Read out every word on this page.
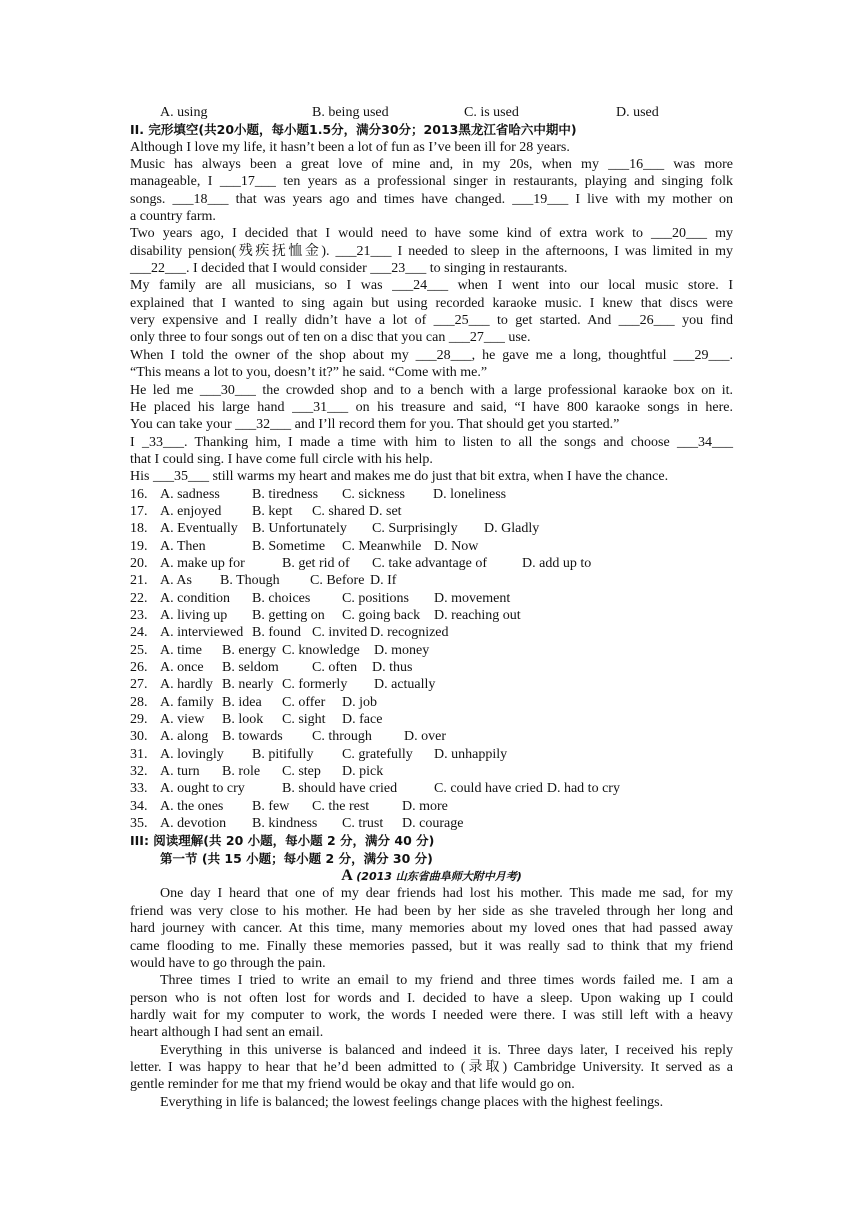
A. using	B. being used	C. is used	D. used
II. 完形填空(共20小题，每小题1.5分，满分30分；2013黑龙江省哈六中期中)
Although I love my life, it hasn’t been a lot of fun as I’ve been ill for 28 years.
Music has always been a great love of mine and, in my 20s, when my ___16___ was more
manageable, I ___17___ ten years as a professional singer in restaurants, playing and singing folk
songs. ___18___ that was years ago and times have changed. ___19___ I live with my mother on
a country farm.
Two years ago, I decided that I would need to have some kind of extra work to ___20___ my
disability pension(残疾抚恤金). ___21___ I needed to sleep in the afternoons, I was limited in my
___22___. I decided that I would consider ___23___ to singing in restaurants.
My family are all musicians, so I was ___24___ when I went into our local music store. I
explained that I wanted to sing again but using recorded karaoke music. I knew that discs were
very expensive and I really didn’t have a lot of ___25___ to get started. And ___26___ you find
only three to four songs out of ten on a disc that you can ___27___ use.
When I told the owner of the shop about my ___28___, he gave me a long, thoughtful ___29___.
“This means a lot to you, doesn’t it?” he said. “Come with me.”
He led me ___30___ the crowded shop and to a bench with a large professional karaoke box on it.
He placed his large hand ___31___ on his treasure and said, “I have 800 karaoke songs in here.
You can take your ___32___ and I’ll record them for you. That should get you started.”
I _33___. Thanking him, I made a time with him to listen to all the songs and choose ___34___
that I could sing. I have come full circle with his help.
His ___35___ still warms my heart and makes me do just that bit extra, when I have the chance.
16. A. sadness	B. tiredness	C. sickness	D. loneliness
17. A. enjoyed	B. kept	C. shared D. set
18. A. Eventually	B. Unfortunately	C. Surprisingly	D. Gladly
19. A. Then	B. Sometime	C. Meanwhile D. Now
20. A. make up for	B. get rid of	C. take advantage of	D. add up to
21. A. As	B. Though	C. Before D. If
22. A. condition	B. choices	C. positions	D. movement
23. A. living up	B. getting on	C. going back D. reaching out
24. A. interviewed B. found C. invited D. recognized
25. A. time	B. energy C. knowledge	D. money
26. A. once	B. seldom	C. often	D. thus
27. A. hardly B. nearly C. formerly	D. actually
28. A. family B. idea	C. offer	D. job
29. A. view	B. look	C. sight	D. face
30. A. along B. towards	C. through	D. over
31. A. lovingly	B. pitifully	C. gratefully	D. unhappily
32. A. turn	B. role	C. step	D. pick
33. A. ought to cry	B. should have cried	C. could have cried D. had to cry
34. A. the ones	B. few	C. the rest	D. more
35. A. devotion	B. kindness	C. trust	D. courage
III: 阅读理解(共 20 小题，每小题 2 分，满分 40 分)
第一节 (共 15 小题；每小题 2 分，满分 30 分)
A (2013 山东省曲阜师大附中月考)
One day I heard that one of my dear friends had lost his mother. This made me sad, for my
friend was very close to his mother. He had been by her side as she traveled through her long and
hard journey with cancer. At this time, many memories about my loved ones that had passed away
came flooding to me. Finally these memories passed, but it was really sad to think that my friend
would have to go through the pain.
Three times I tried to write an email to my friend and three times words failed me. I am a
person who is not often lost for words and I. decided to have a sleep. Upon waking up I could
hardly wait for my computer to work, the words I needed were there. I was still left with a heavy
heart although I had sent an email.
Everything in this universe is balanced and indeed it is. Three days later, I received his reply
letter. I was happy to hear that he’d been admitted to (录取) Cambridge University. It served as a
gentle reminder for me that my friend would be okay and that life would go on.
Everything in life is balanced; the lowest feelings change places with the highest feelings.
